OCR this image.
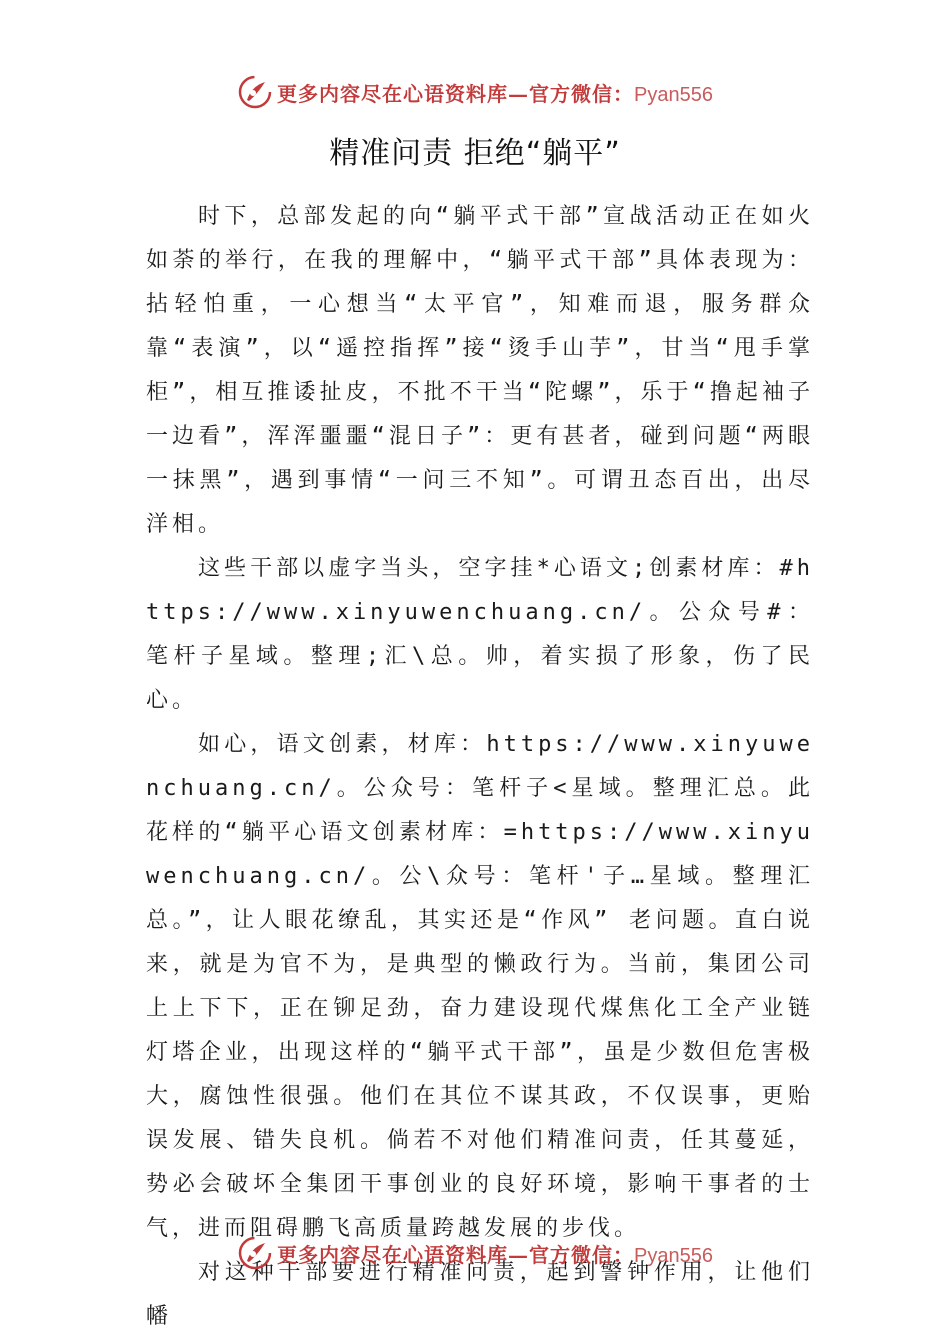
更多内容尽在心语资料库—官方微信：Pyan556
精准问责 拒绝“躺平”

时下，总部发起的向“躺平式干部”宣战活动正在如火如荼的举行，在我的理解中，“躺平式干部”具体表现为：拈轻怕重，一心想当“太平官”，知难而退，服务群众靠“表演”，以“遥控指挥”接“烫手山芋”，甘当“甩手掌柜”，相互推诿扯皮，不批不干当“陀螺”，乐于“撸起袖子一边看”，浑浑噩噩“混日子”：更有甚者，碰到问题“两眼一抹黑”，遇到事情“一问三不知”。可谓丑态百出，出尽洋相。

这些干部以虚字当头，空字挂*心语文;创素材库：#https://www.xinyuwenchuang.cn/。公众号#：笔杆子星域。整理;汇\总。帅，着实损了形象，伤了民心。

如心，语文创素，材库：https://www.xinyuwenchuang.cn/。公众号：笔杆子<星域。整理汇总。此花样的“躺平心语文创素材库：=https://www.xinyuwenchuang.cn/。公\众号：笔杆'子…星域。整理汇总。”，让人眼花缭乱，其实还是“作风” 老问题。直白说来，就是为官不为，是典型的懒政行为。当前，集团公司上上下下，正在铆足劲，奋力建设现代煤焦化工全产业链灯塔企业，出现这样的“躺平式干部”，虽是少数但危害极大，腐蚀性很强。他们在其位不谋其政，不仅误事，更贻误发展、错失良机。倘若不对他们精准问责，任其蔓延，势必会破坏全集团干事创业的良好环境，影响干事者的士气，进而阻碍鹏飞高质量跨越发展的步伐。

对这种干部要进行精准问责，起到警钟作用，让他们幡

更多内容尽在心语资料库—官方微信：Pyan556
